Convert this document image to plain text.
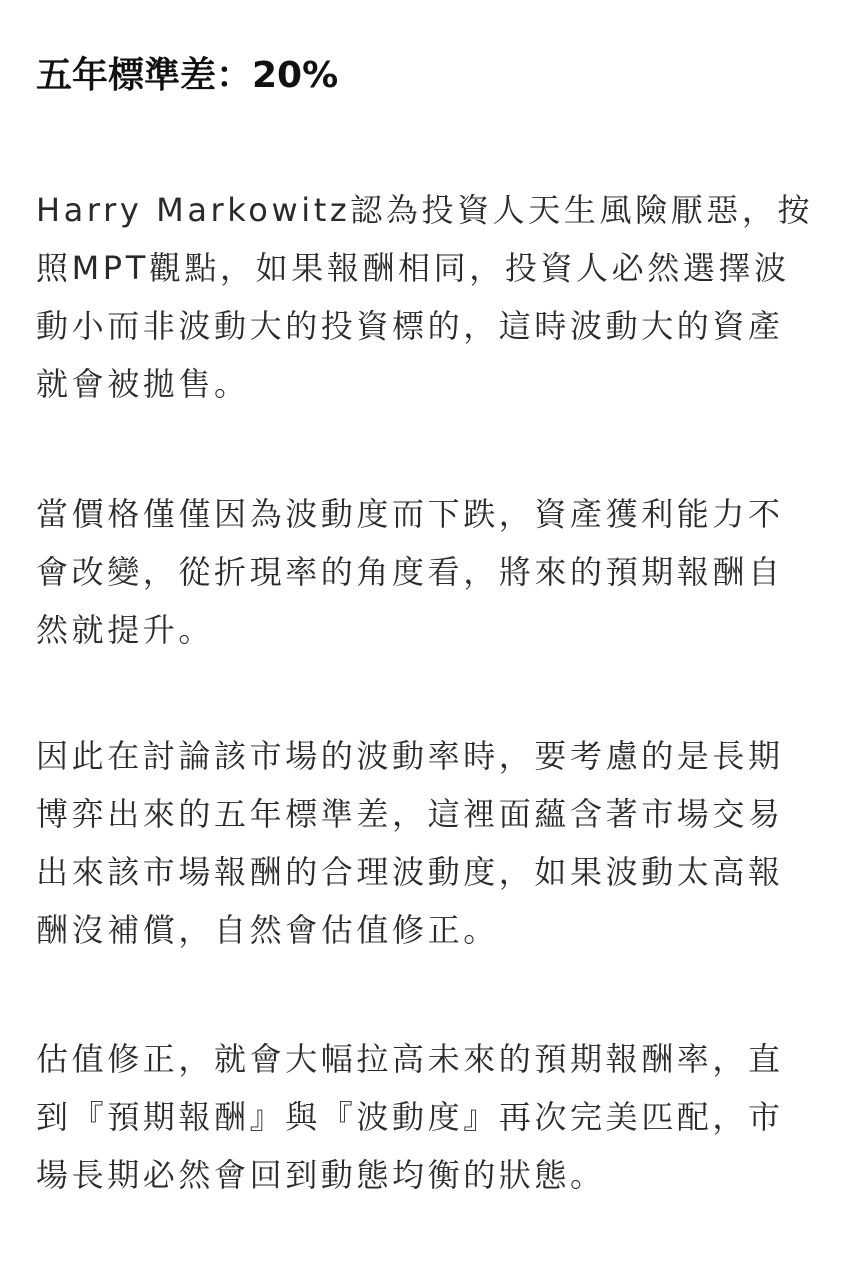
五年標準差：20%

Harry Markowitz認為投資人天生風險厭惡，按
照MPT觀點，如果報酬相同，投資人必然選擇波
動小而非波動大的投資標的，這時波動大的資產
就會被拋售。

當價格僅僅因為波動度而下跌，資產獲利能力不
會改變，從折現率的角度看，將來的預期報酬自
然就提升。

因此在討論該市場的波動率時，要考慮的是長期
博弈出來的五年標準差，這裡面蘊含著市場交易
出來該市場報酬的合理波動度，如果波動太高報
酬沒補償，自然會估值修正。

估值修正，就會大幅拉高未來的預期報酬率，直
到『預期報酬』與『波動度』再次完美匹配，市
場長期必然會回到動態均衡的狀態。
